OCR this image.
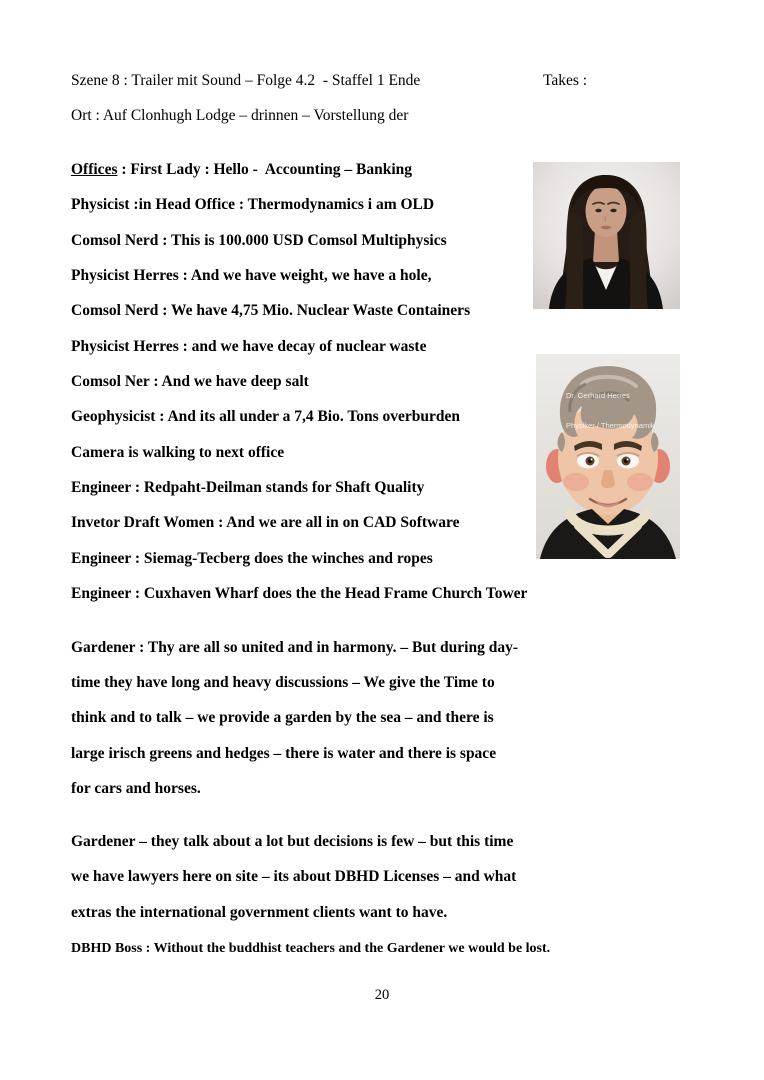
Szene 8 : Trailer mit Sound – Folge 4.2  - Staffel 1 Ende	Takes :
Ort : Auf Clonhugh Lodge – drinnen – Vorstellung der
Offices : First Lady : Hello -  Accounting – Banking
Physicist :in Head Office : Thermodynamics i am OLD
Comsol Nerd : This is 100.000 USD Comsol Multiphysics
Physicist Herres : And we have weight, we have a hole,
Comsol Nerd : We have 4,75 Mio. Nuclear Waste Containers
Physicist Herres : and we have decay of nuclear waste
Comsol Ner : And we have deep salt
Geophysicist : And its all under a 7,4 Bio. Tons overburden
Camera is walking to next office
Engineer : Redpaht-Deilman stands for Shaft Quality
Invetor Draft Women : And we are all in on CAD Software
Engineer : Siemag-Tecberg does the winches and ropes
Engineer : Cuxhaven Wharf does the the Head Frame Church Tower
Gardener : Thy are all so united and in harmony. – But during day-
time they have long and heavy discussions – We give the Time to
think and to talk – we provide a garden by the sea – and there is
large irisch greens and hedges – there is water and there is space
for cars and horses.
Gardener – they talk about a lot but decisions is few – but this time
we have lawyers here on site – its about DBHD Licenses – and what
extras the international government clients want to have.
DBHD Boss : Without the buddhist teachers and the Gardener we would be lost.
20

Dr. Gerhard Herres

Physiker / Thermodynamik
